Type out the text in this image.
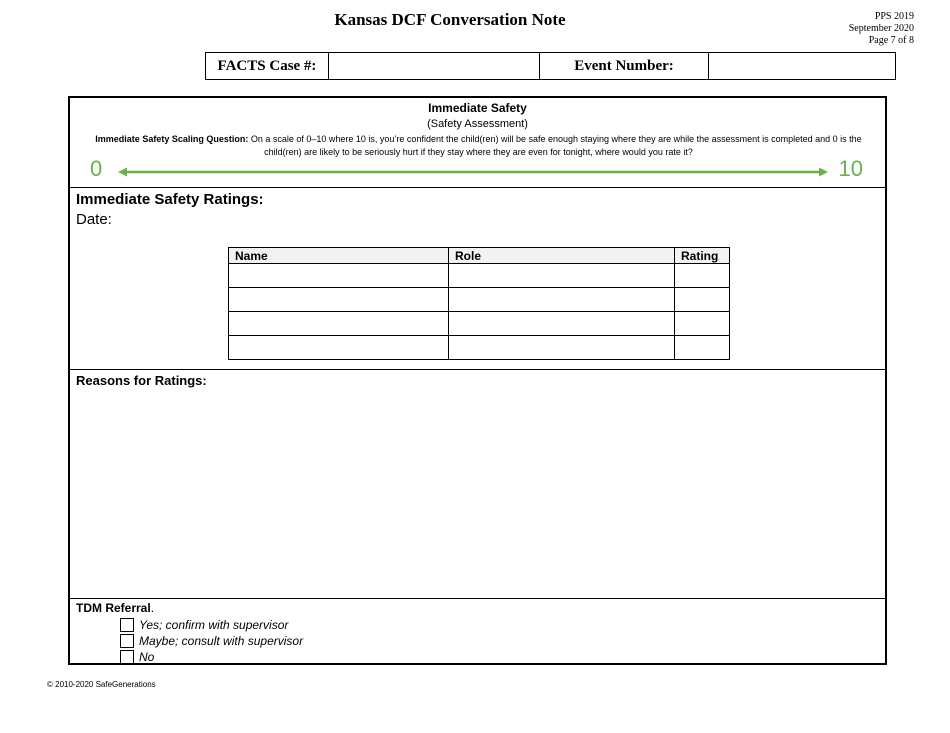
Kansas DCF Conversation Note	PPS 2019
September 2020
Page 7 of 8
FACTS Case #:		Event Number:	
Immediate Safety
(Safety Assessment)
Immediate Safety Scaling Question: On a scale of 0–10 where 10 is, you’re confident the child(ren) will be safe enough staying where they are while the assessment is completed and 0 is the child(ren) are likely to be seriously hurt if they stay where they are even for tonight, where would you rate it?
0	10
Immediate Safety Ratings:
Date:
Name	Role	Rating

Reasons for Ratings:
TDM Referral.
Yes; confirm with supervisor
Maybe; consult with supervisor
No
© 2010-2020 SafeGenerations
